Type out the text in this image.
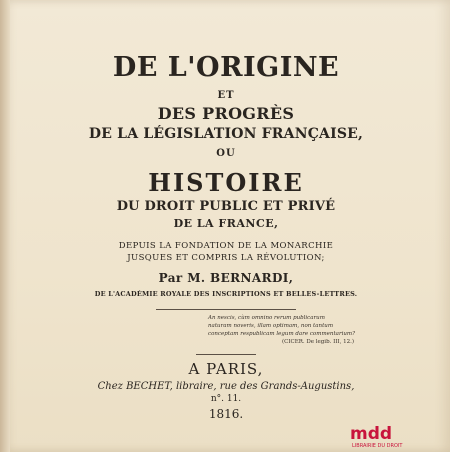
DE L'ORIGINE
ET
DES PROGRÈS
DE LA LÉGISLATION FRANÇAISE,
OU
HISTOIRE
DU DROIT PUBLIC ET PRIVÉ
DE LA FRANCE,
DEPUIS LA FONDATION DE LA MONARCHIE
JUSQUES ET COMPRIS LA RÉVOLUTION;
Par M. BERNARDI,
DE L'ACADÉMIE ROYALE DES INSCRIPTIONS ET BELLES-LETTRES.
An nescis, cùm omnino rerum publicarum
naturam noveris, illam optimam, non tantum
conceptam respublicam legum dare commentarium?
(CICER. De legib. III, 12.)
A PARIS,
Chez BECHET, libraire, rue des Grands-Augustins,
n°. 11.
1816.
mdd
LIBRAIRIE DU DROIT
